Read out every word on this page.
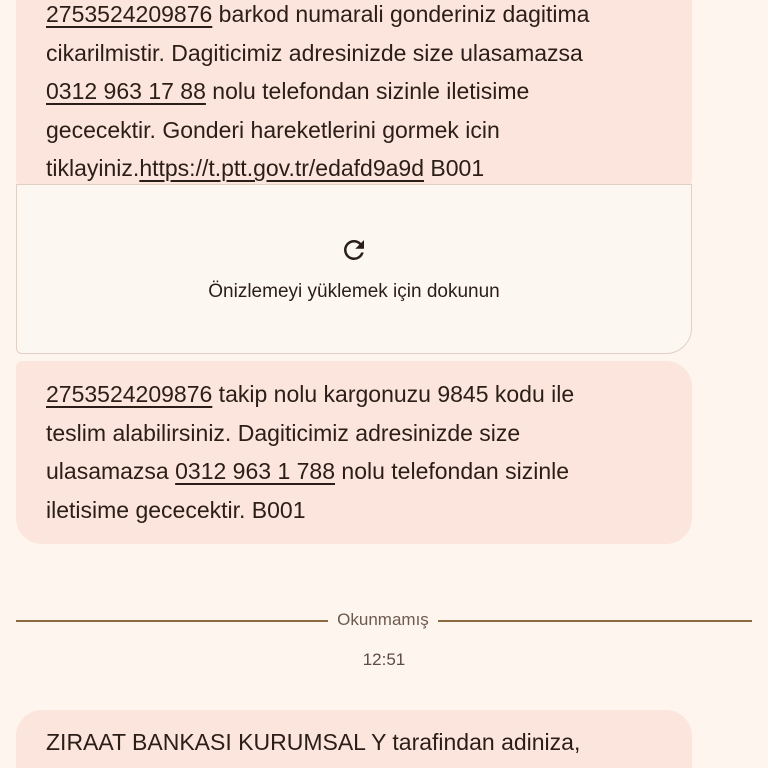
2753524209876 barkod numarali gonderiniz dagitima
cikarilmistir. Dagiticimiz adresinizde size ulasamazsa
0312 963 17 88 nolu telefondan sizinle iletisime
gececektir. Gonderi hareketlerini gormek icin
tiklayiniz.https://t.ptt.gov.tr/edafd9a9d B001
Önizlemeyi yüklemek için dokunun
2753524209876 takip nolu kargonuzu 9845 kodu ile
teslim alabilirsiniz. Dagiticimiz adresinizde size
ulasamazsa 0312 963 1 788 nolu telefondan sizinle
iletisime gececektir. B001
Okunmamış
12:51
ZIRAAT BANKASI KURUMSAL Y tarafindan adiniza,
